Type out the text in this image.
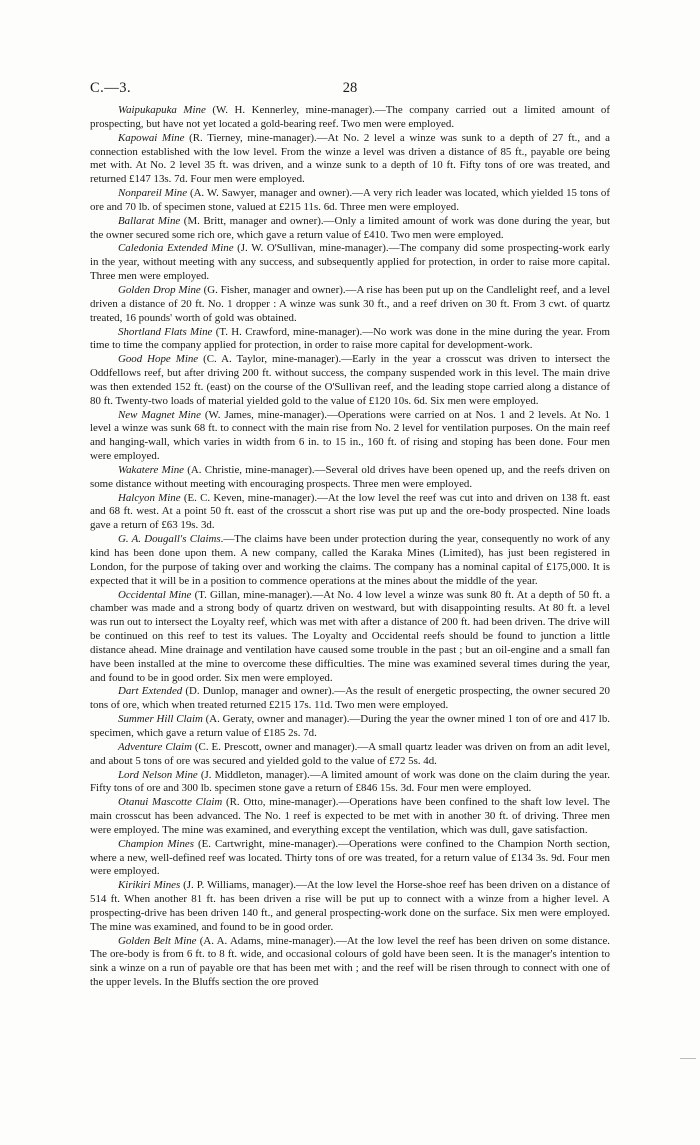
C.—3.	28

Waipukapuka Mine (W. H. Kennerley, mine-manager).—The company carried out a limited amount of prospecting, but have not yet located a gold-bearing reef. Two men were employed.

Kapowai Mine (R. Tierney, mine-manager).—At No. 2 level a winze was sunk to a depth of 27 ft., and a connection established with the low level. From the winze a level was driven a distance of 85 ft., payable ore being met with. At No. 2 level 35 ft. was driven, and a winze sunk to a depth of 10 ft. Fifty tons of ore was treated, and returned £147 13s. 7d. Four men were employed.

Nonpareil Mine (A. W. Sawyer, manager and owner).—A very rich leader was located, which yielded 15 tons of ore and 70 lb. of specimen stone, valued at £215 11s. 6d. Three men were employed.

Ballarat Mine (M. Britt, manager and owner).—Only a limited amount of work was done during the year, but the owner secured some rich ore, which gave a return value of £410. Two men were employed.

Caledonia Extended Mine (J. W. O'Sullivan, mine-manager).—The company did some prospecting-work early in the year, without meeting with any success, and subsequently applied for protection, in order to raise more capital. Three men were employed.

Golden Drop Mine (G. Fisher, manager and owner).—A rise has been put up on the Candlelight reef, and a level driven a distance of 20 ft. No. 1 dropper : A winze was sunk 30 ft., and a reef driven on 30 ft. From 3 cwt. of quartz treated, 16 pounds' worth of gold was obtained.

Shortland Flats Mine (T. H. Crawford, mine-manager).—No work was done in the mine during the year. From time to time the company applied for protection, in order to raise more capital for development-work.

Good Hope Mine (C. A. Taylor, mine-manager).—Early in the year a crosscut was driven to intersect the Oddfellows reef, but after driving 200 ft. without success, the company suspended work in this level. The main drive was then extended 152 ft. (east) on the course of the O'Sullivan reef, and the leading stope carried along a distance of 80 ft. Twenty-two loads of material yielded gold to the value of £120 10s. 6d. Six men were employed.

New Magnet Mine (W. James, mine-manager).—Operations were carried on at Nos. 1 and 2 levels. At No. 1 level a winze was sunk 68 ft. to connect with the main rise from No. 2 level for ventilation purposes. On the main reef and hanging-wall, which varies in width from 6 in. to 15 in., 160 ft. of rising and stoping has been done. Four men were employed.

Wakatere Mine (A. Christie, mine-manager).—Several old drives have been opened up, and the reefs driven on some distance without meeting with encouraging prospects. Three men were employed.

Halcyon Mine (E. C. Keven, mine-manager).—At the low level the reef was cut into and driven on 138 ft. east and 68 ft. west. At a point 50 ft. east of the crosscut a short rise was put up and the ore-body prospected. Nine loads gave a return of £63 19s. 3d.

G. A. Dougall's Claims.—The claims have been under protection during the year, consequently no work of any kind has been done upon them. A new company, called the Karaka Mines (Limited), has just been registered in London, for the purpose of taking over and working the claims. The company has a nominal capital of £175,000. It is expected that it will be in a position to commence operations at the mines about the middle of the year.

Occidental Mine (T. Gillan, mine-manager).—At No. 4 low level a winze was sunk 80 ft. At a depth of 50 ft. a chamber was made and a strong body of quartz driven on westward, but with disappointing results. At 80 ft. a level was run out to intersect the Loyalty reef, which was met with after a distance of 200 ft. had been driven. The drive will be continued on this reef to test its values. The Loyalty and Occidental reefs should be found to junction a little distance ahead. Mine drainage and ventilation have caused some trouble in the past ; but an oil-engine and a small fan have been installed at the mine to overcome these difficulties. The mine was examined several times during the year, and found to be in good order. Six men were employed.

Dart Extended (D. Dunlop, manager and owner).—As the result of energetic prospecting, the owner secured 20 tons of ore, which when treated returned £215 17s. 11d. Two men were employed.

Summer Hill Claim (A. Geraty, owner and manager).—During the year the owner mined 1 ton of ore and 417 lb. specimen, which gave a return value of £185 2s. 7d.

Adventure Claim (C. E. Prescott, owner and manager).—A small quartz leader was driven on from an adit level, and about 5 tons of ore was secured and yielded gold to the value of £72 5s. 4d.

Lord Nelson Mine (J. Middleton, manager).—A limited amount of work was done on the claim during the year. Fifty tons of ore and 300 lb. specimen stone gave a return of £846 15s. 3d. Four men were employed.

Otanui Mascotte Claim (R. Otto, mine-manager).—Operations have been confined to the shaft low level. The main crosscut has been advanced. The No. 1 reef is expected to be met with in another 30 ft. of driving. Three men were employed. The mine was examined, and everything except the ventilation, which was dull, gave satisfaction.

Champion Mines (E. Cartwright, mine-manager).—Operations were confined to the Champion North section, where a new, well-defined reef was located. Thirty tons of ore was treated, for a return value of £134 3s. 9d. Four men were employed.

Kirikiri Mines (J. P. Williams, manager).—At the low level the Horse-shoe reef has been driven on a distance of 514 ft. When another 81 ft. has been driven a rise will be put up to connect with a winze from a higher level. A prospecting-drive has been driven 140 ft., and general prospecting-work done on the surface. Six men were employed. The mine was examined, and found to be in good order.

Golden Belt Mine (A. A. Adams, mine-manager).—At the low level the reef has been driven on some distance. The ore-body is from 6 ft. to 8 ft. wide, and occasional colours of gold have been seen. It is the manager's intention to sink a winze on a run of payable ore that has been met with ; and the reef will be risen through to connect with one of the upper levels. In the Bluffs section the ore proved
